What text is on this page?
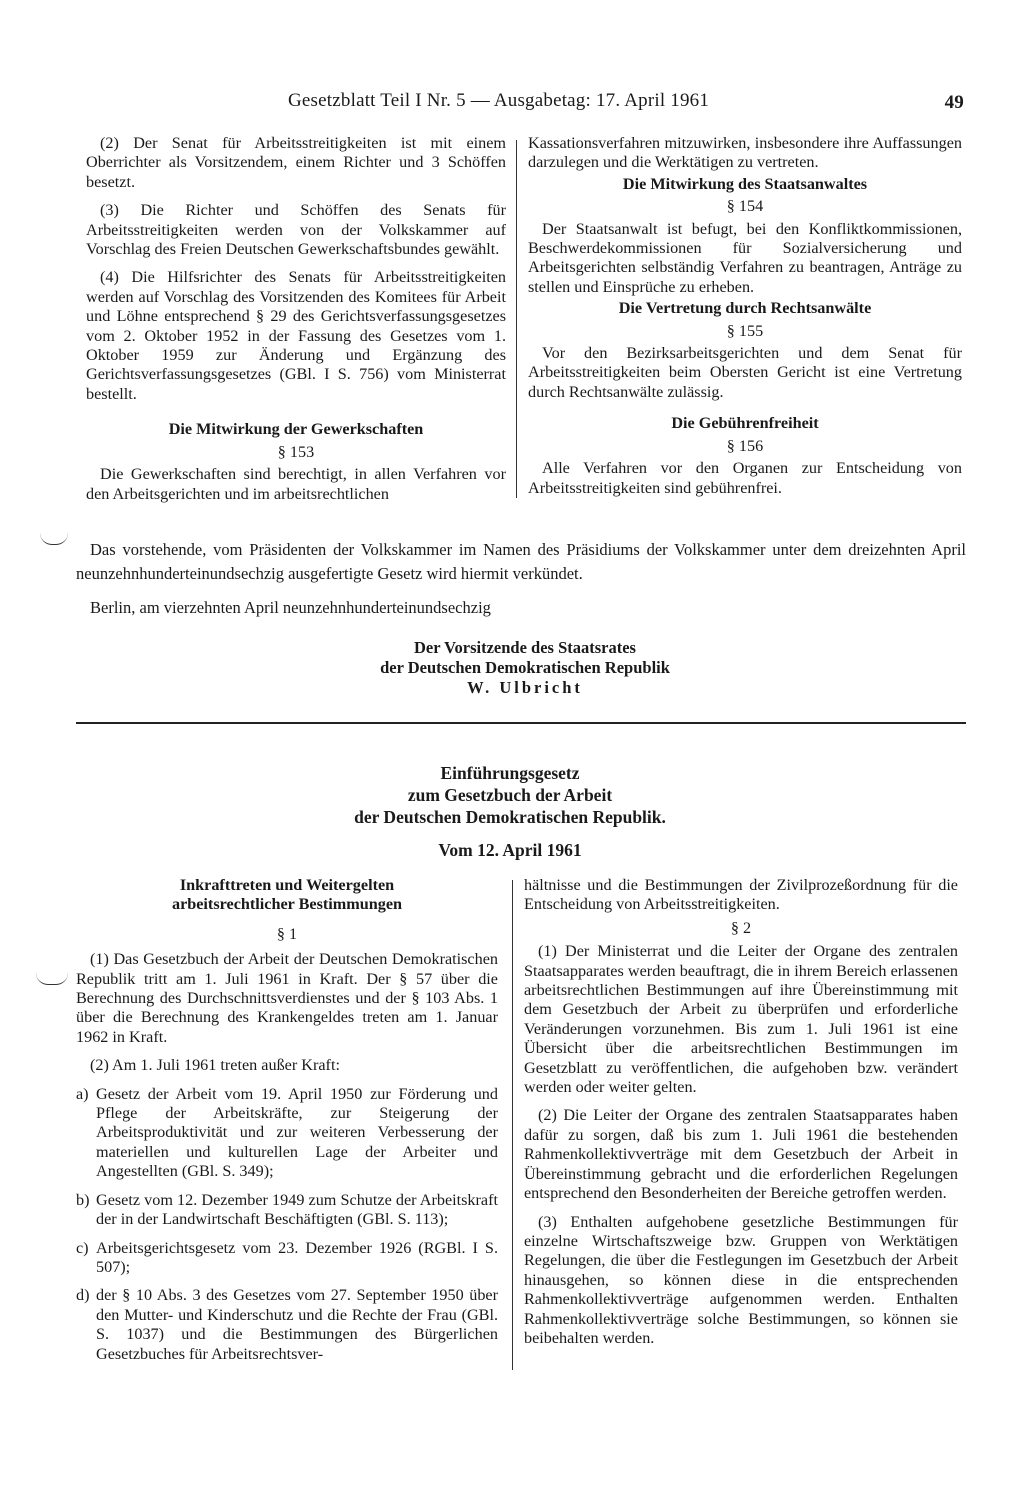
Gesetzblatt Teil I Nr. 5 — Ausgabetag: 17. April 1961	49

(2) Der Senat für Arbeitsstreitigkeiten ist mit einem Oberrichter als Vorsitzendem, einem Richter und 3 Schöffen besetzt.

(3) Die Richter und Schöffen des Senats für Arbeitsstreitigkeiten werden von der Volkskammer auf Vorschlag des Freien Deutschen Gewerkschaftsbundes gewählt.

(4) Die Hilfsrichter des Senats für Arbeitsstreitigkeiten werden auf Vorschlag des Vorsitzenden des Komitees für Arbeit und Löhne entsprechend § 29 des Gerichtsverfassungsgesetzes vom 2. Oktober 1952 in der Fassung des Gesetzes vom 1. Oktober 1959 zur Änderung und Ergänzung des Gerichtsverfassungsgesetzes (GBl. I S. 756) vom Ministerrat bestellt.

Die Mitwirkung der Gewerkschaften
§ 153

Die Gewerkschaften sind berechtigt, in allen Verfahren vor den Arbeitsgerichten und im arbeitsrechtlichen

Kassationsverfahren mitzuwirken, insbesondere ihre Auffassungen darzulegen und die Werktätigen zu vertreten.

Die Mitwirkung des Staatsanwaltes
§ 154

Der Staatsanwalt ist befugt, bei den Konfliktkommissionen, Beschwerdekommissionen für Sozialversicherung und Arbeitsgerichten selbständig Verfahren zu beantragen, Anträge zu stellen und Einsprüche zu erheben.

Die Vertretung durch Rechtsanwälte
§ 155

Vor den Bezirksarbeitsgerichten und dem Senat für Arbeitsstreitigkeiten beim Obersten Gericht ist eine Vertretung durch Rechtsanwälte zulässig.

Die Gebührenfreiheit
§ 156

Alle Verfahren vor den Organen zur Entscheidung von Arbeitsstreitigkeiten sind gebührenfrei.

Das vorstehende, vom Präsidenten der Volkskammer im Namen des Präsidiums der Volkskammer unter dem dreizehnten April neunzehnhunderteinundsechzig ausgefertigte Gesetz wird hiermit verkündet.

Berlin, am vierzehnten April neunzehnhunderteinundsechzig
Der Vorsitzende des Staatsrates
der Deutschen Demokratischen Republik
W. Ulbricht
Einführungsgesetz
zum Gesetzbuch der Arbeit
der Deutschen Demokratischen Republik.
Vom 12. April 1961
Inkrafttreten und Weitergelten
arbeitsrechtlicher Bestimmungen
§ 1

(1) Das Gesetzbuch der Arbeit der Deutschen Demokratischen Republik tritt am 1. Juli 1961 in Kraft. Der § 57 über die Berechnung des Durchschnittsverdienstes und der § 103 Abs. 1 über die Berechnung des Krankengeldes treten am 1. Januar 1962 in Kraft.

(2) Am 1. Juli 1961 treten außer Kraft:

a) Gesetz der Arbeit vom 19. April 1950 zur Förderung und Pflege der Arbeitskräfte, zur Steigerung der Arbeitsproduktivität und zur weiteren Verbesserung der materiellen und kulturellen Lage der Arbeiter und Angestellten (GBl. S. 349);
b) Gesetz vom 12. Dezember 1949 zum Schutze der Arbeitskraft der in der Landwirtschaft Beschäftigten (GBl. S. 113);
c) Arbeitsgerichtsgesetz vom 23. Dezember 1926 (RGBl. I S. 507);
d) der § 10 Abs. 3 des Gesetzes vom 27. September 1950 über den Mutter- und Kinderschutz und die Rechte der Frau (GBl. S. 1037) und die Bestimmungen des Bürgerlichen Gesetzbuches für Arbeitsrechtsver-

hältnisse und die Bestimmungen der Zivilprozeßordnung für die Entscheidung von Arbeitsstreitigkeiten.

§ 2

(1) Der Ministerrat und die Leiter der Organe des zentralen Staatsapparates werden beauftragt, die in ihrem Bereich erlassenen arbeitsrechtlichen Bestimmungen auf ihre Übereinstimmung mit dem Gesetzbuch der Arbeit zu überprüfen und erforderliche Veränderungen vorzunehmen. Bis zum 1. Juli 1961 ist eine Übersicht über die arbeitsrechtlichen Bestimmungen im Gesetzblatt zu veröffentlichen, die aufgehoben bzw. verändert werden oder weiter gelten.

(2) Die Leiter der Organe des zentralen Staatsapparates haben dafür zu sorgen, daß bis zum 1. Juli 1961 die bestehenden Rahmenkollektivverträge mit dem Gesetzbuch der Arbeit in Übereinstimmung gebracht und die erforderlichen Regelungen entsprechend den Besonderheiten der Bereiche getroffen werden.

(3) Enthalten aufgehobene gesetzliche Bestimmungen für einzelne Wirtschaftszweige bzw. Gruppen von Werktätigen Regelungen, die über die Festlegungen im Gesetzbuch der Arbeit hinausgehen, so können diese in die entsprechenden Rahmenkollektivverträge aufgenommen werden. Enthalten Rahmenkollektivverträge solche Bestimmungen, so können sie beibehalten werden.
